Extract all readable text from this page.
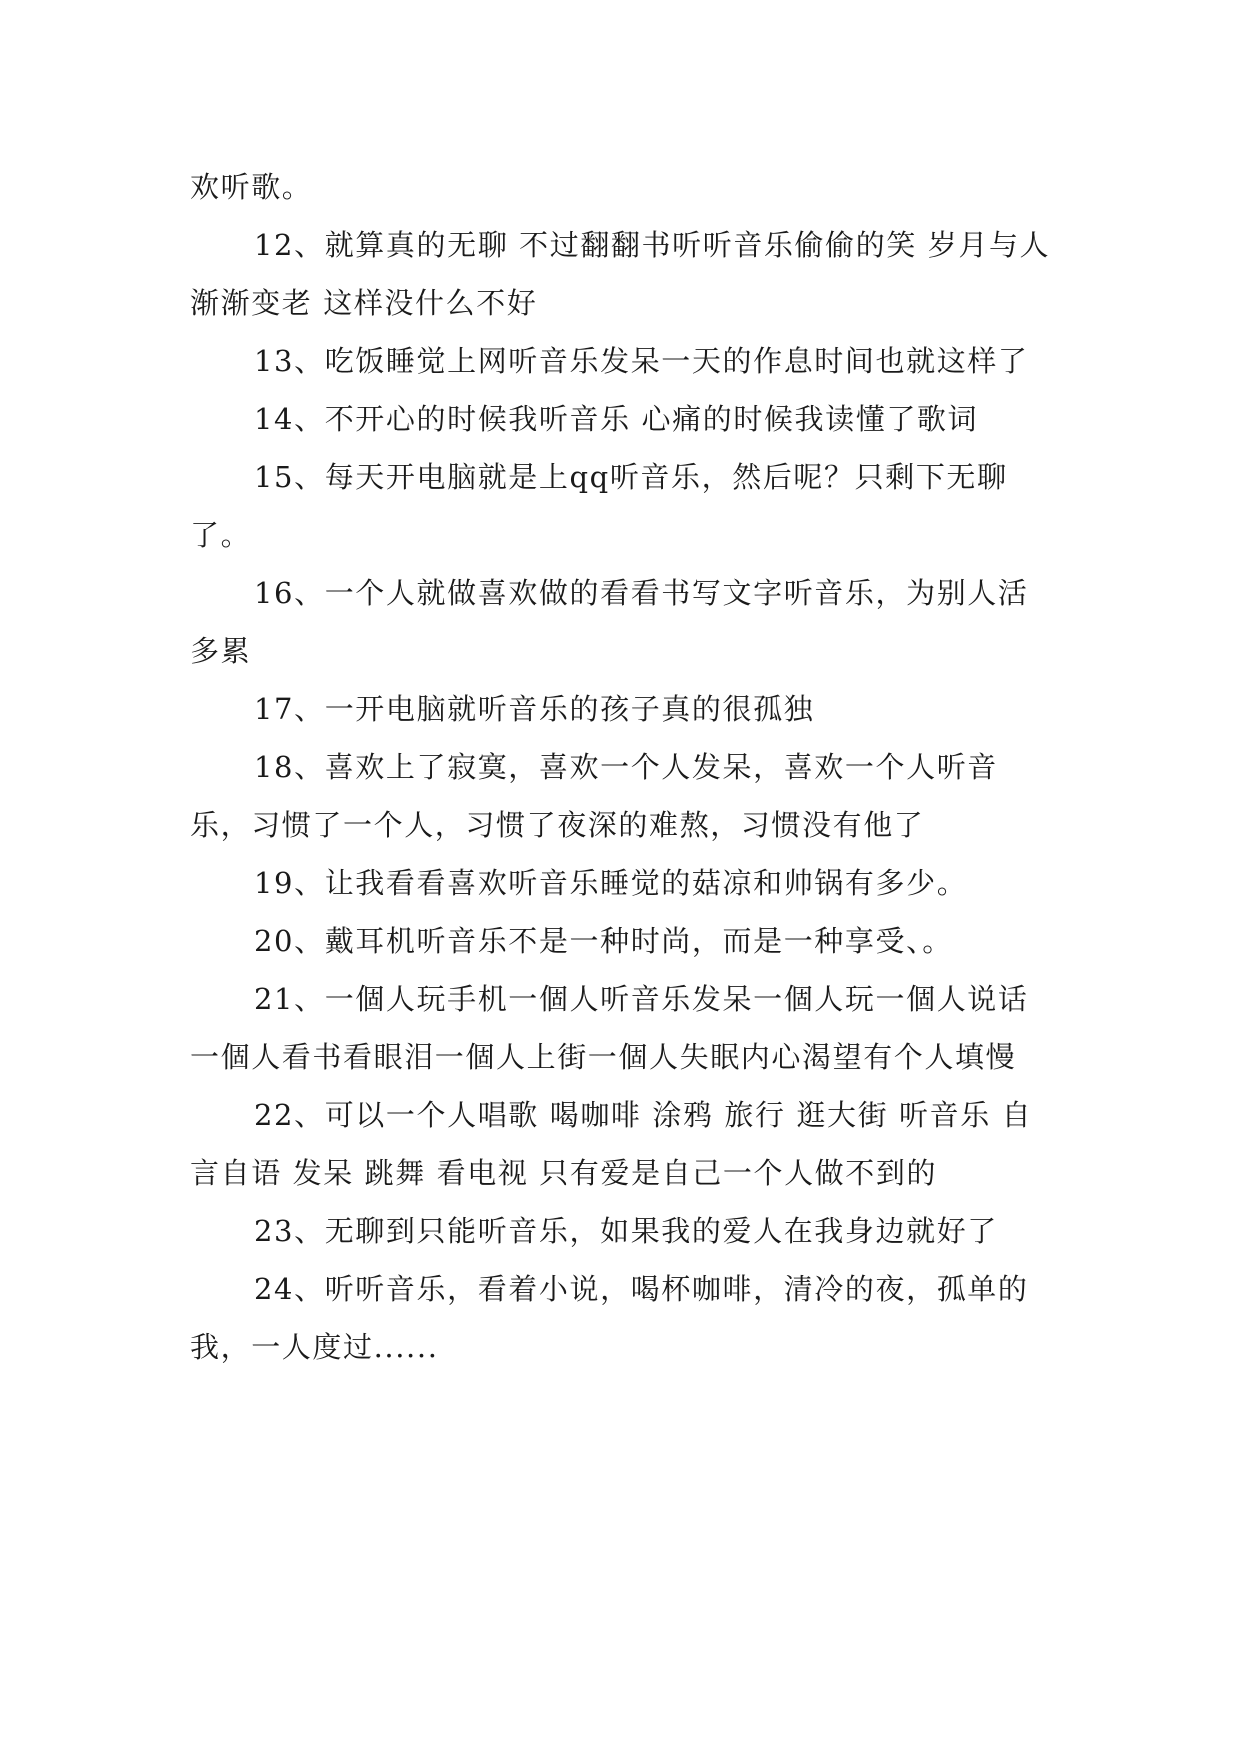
欢听歌。

12、就算真的无聊 不过翻翻书听听音乐偷偷的笑 岁月与人渐渐变老 这样没什么不好

13、吃饭睡觉上网听音乐发呆一天的作息时间也就这样了

14、不开心的时候我听音乐 心痛的时候我读懂了歌词

15、每天开电脑就是上qq听音乐，然后呢？只剩下无聊了。

16、一个人就做喜欢做的看看书写文字听音乐，为别人活多累

17、一开电脑就听音乐的孩子真的很孤独

18、喜欢上了寂寞，喜欢一个人发呆，喜欢一个人听音乐，习惯了一个人，习惯了夜深的难熬，习惯没有他了

19、让我看看喜欢听音乐睡觉的菇凉和帅锅有多少。

20、戴耳机听音乐不是一种时尚，而是一种享受、。

21、一個人玩手机一個人听音乐发呆一個人玩一個人说话一個人看书看眼泪一個人上街一個人失眠内心渴望有个人填慢

22、可以一个人唱歌 喝咖啡 涂鸦 旅行 逛大街 听音乐 自言自语 发呆 跳舞 看电视 只有爱是自己一个人做不到的

23、无聊到只能听音乐，如果我的爱人在我身边就好了

24、听听音乐，看着小说，喝杯咖啡，清冷的夜，孤单的我，一人度过......
